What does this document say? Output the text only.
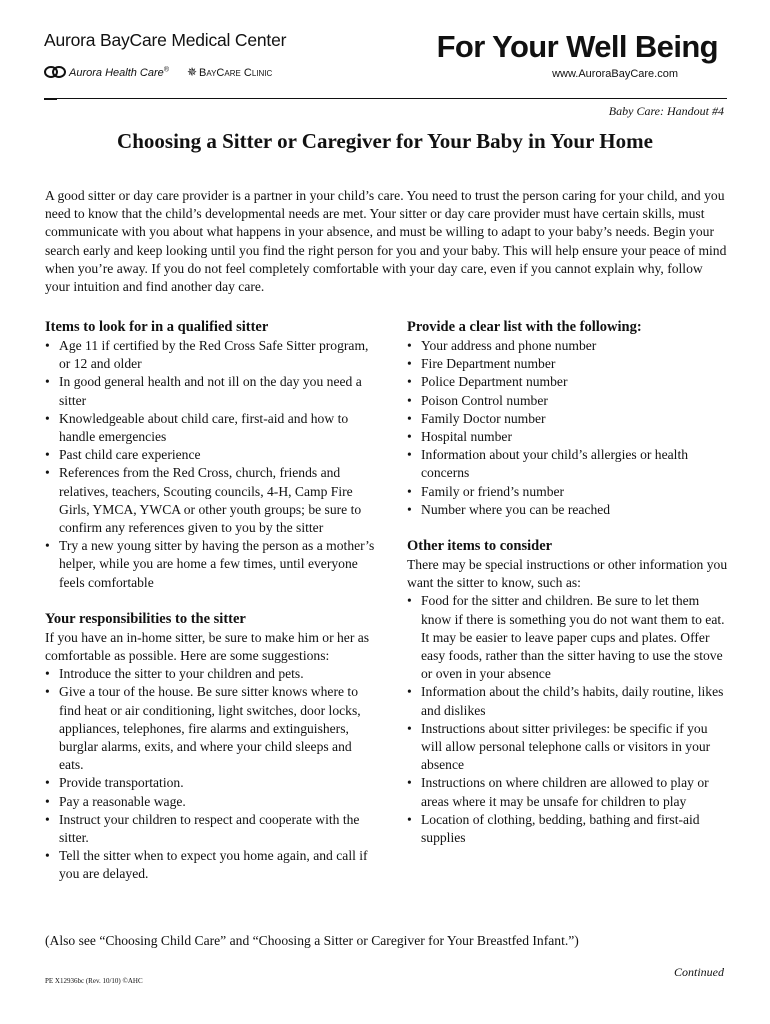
Aurora BayCare Medical Center
Aurora Health Care® ✵ BayCare Clinic
For Your Well Being
www.AuroraBayCare.com
Baby Care: Handout #4
Choosing a Sitter or Caregiver for Your Baby in Your Home

A good sitter or day care provider is a partner in your child’s care. You need to trust the person caring for your child, and you need to know that the child’s developmental needs are met. Your sitter or day care provider must have certain skills, must communicate with you about what happens in your absence, and must be willing to adapt to your baby’s needs. Begin your search early and keep looking until you find the right person for you and your baby. This will help ensure your peace of mind when you’re away. If you do not feel completely comfortable with your day care, even if you cannot explain why, follow your intuition and find another day care.

Items to look for in a qualified sitter
• Age 11 if certified by the Red Cross Safe Sitter program, or 12 and older
• In good general health and not ill on the day you need a sitter
• Knowledgeable about child care, first-aid and how to handle emergencies
• Past child care experience
• References from the Red Cross, church, friends and relatives, teachers, Scouting councils, 4-H, Camp Fire Girls, YMCA, YWCA or other youth groups; be sure to confirm any references given to you by the sitter
• Try a new young sitter by having the person as a mother’s helper, while you are home a few times, until everyone feels comfortable
Your responsibilities to the sitter

If you have an in-home sitter, be sure to make him or her as comfortable as possible. Here are some suggestions:

• Introduce the sitter to your children and pets.
• Give a tour of the house. Be sure sitter knows where to find heat or air conditioning, light switches, door locks, appliances, telephones, fire alarms and extinguishers, burglar alarms, exits, and where your child sleeps and eats.
• Provide transportation.
• Pay a reasonable wage.
• Instruct your children to respect and cooperate with the sitter.
• Tell the sitter when to expect you home again, and call if you are delayed.
Provide a clear list with the following:
• Your address and phone number
• Fire Department number
• Police Department number
• Poison Control number
• Family Doctor number
• Hospital number
• Information about your child’s allergies or health concerns
• Family or friend’s number
• Number where you can be reached
Other items to consider

There may be special instructions or other information you want the sitter to know, such as:

• Food for the sitter and children. Be sure to let them know if there is something you do not want them to eat. It may be easier to leave paper cups and plates. Offer easy foods, rather than the sitter having to use the stove or oven in your absence
• Information about the child’s habits, daily routine, likes and dislikes
• Instructions about sitter privileges: be specific if you will allow personal telephone calls or visitors in your absence
• Instructions on where children are allowed to play or areas where it may be unsafe for children to play
• Location of clothing, bedding, bathing and first-aid supplies
(Also see “Choosing Child Care” and “Choosing a Sitter or Caregiver for Your Breastfed Infant.”)
Continued
PE X12936bc (Rev. 10/10) ©AHC
